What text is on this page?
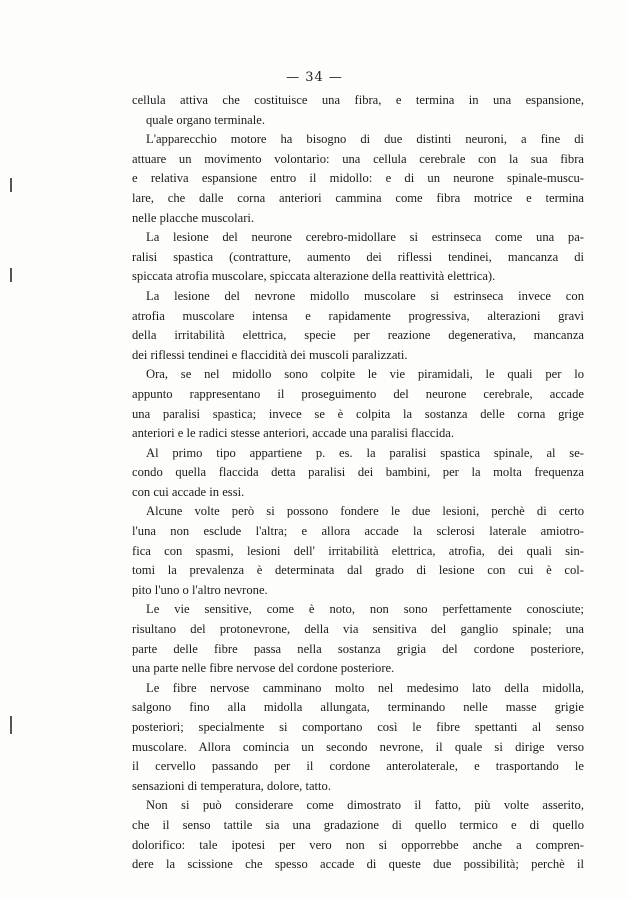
— 34 —
cellula attiva che costituisce una fibra, e termina in una espansione,
quale organo terminale.
L'apparecchio motore ha bisogno di due distinti neuroni, a fine di
attuare un movimento volontario: una cellula cerebrale con la sua fibra
e relativa espansione entro il midollo: e di un neurone spinale-muscu-
lare, che dalle corna anteriori cammina come fibra motrice e termina
nelle placche muscolari.
La lesione del neurone cerebro-midollare si estrinseca come una pa-
ralisi spastica (contratture, aumento dei riflessi tendinei, mancanza di
spiccata atrofia muscolare, spiccata alterazione della reattività elettrica).
La lesione del nevrone midollo muscolare si estrinseca invece con
atrofia muscolare intensa e rapidamente progressiva, alterazioni gravi
della irritabilità elettrica, specie per reazione degenerativa, mancanza
dei riflessi tendinei e flaccidità dei muscoli paralizzati.
Ora, se nel midollo sono colpite le vie piramidali, le quali per lo
appunto rappresentano il proseguimento del neurone cerebrale, accade
una paralisi spastica; invece se è colpita la sostanza delle corna grige
anteriori e le radici stesse anteriori, accade una paralisi flaccida.
Al primo tipo appartiene p. es. la paralisi spastica spinale, al se-
condo quella flaccida detta paralisi dei bambini, per la molta frequenza
con cui accade in essi.
Alcune volte però si possono fondere le due lesioni, perchè di certo
l'una non esclude l'altra; e allora accade la sclerosi laterale amiotro-
fica con spasmi, lesioni dell' irritabilità elettrica, atrofia, dei quali sin-
tomi la prevalenza è determinata dal grado di lesione con cui è col-
pito l'uno o l'altro nevrone.
Le vie sensitive, come è noto, non sono perfettamente conosciute;
risultano del protonevrone, della via sensitiva del ganglio spinale; una
parte delle fibre passa nella sostanza grigia del cordone posteriore,
una parte nelle fibre nervose del cordone posteriore.
Le fibre nervose camminano molto nel medesimo lato della midolla,
salgono fino alla midolla allungata, terminando nelle masse grigie
posteriori; specialmente si comportano così le fibre spettanti al senso
muscolare. Allora comincia un secondo nevrone, il quale si dirige verso
il cervello passando per il cordone anterolaterale, e trasportando le
sensazioni di temperatura, dolore, tatto.
Non si può considerare come dimostrato il fatto, più volte asserito,
che il senso tattile sia una gradazione di quello termico e di quello
dolorifico: tale ipotesi per vero non si opporrebbe anche a compren-
dere la scissione che spesso accade di queste due possibilità; perchè il
